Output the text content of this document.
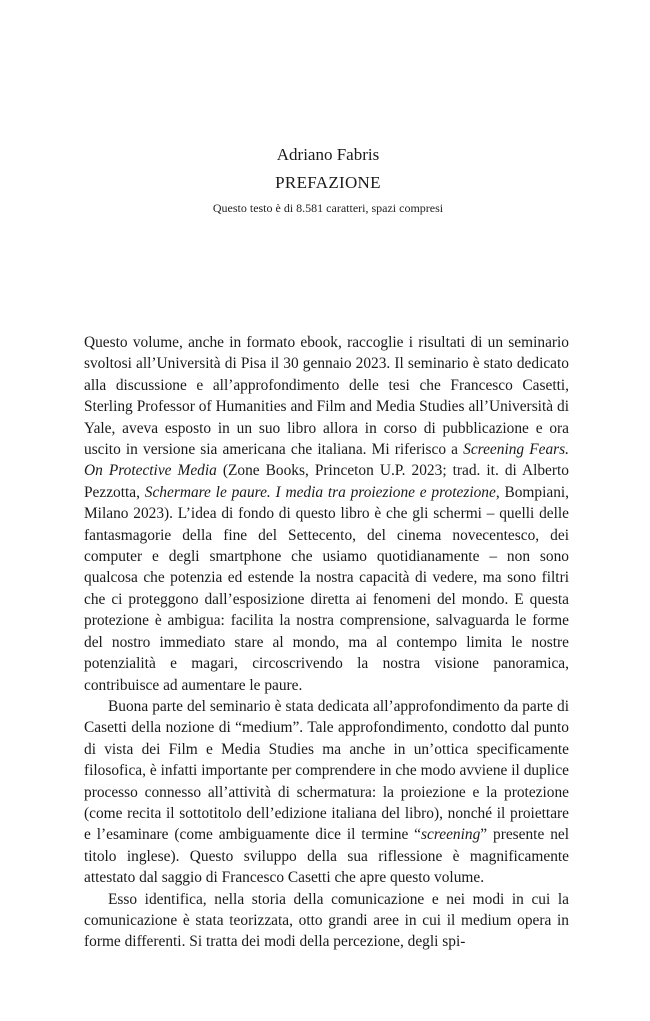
Adriano Fabris
PREFAZIONE
Questo testo è di 8.581 caratteri, spazi compresi

Questo volume, anche in formato ebook, raccoglie i risultati di un seminario svoltosi all’Università di Pisa il 30 gennaio 2023. Il seminario è stato dedicato alla discussione e all’approfondimento delle tesi che Francesco Casetti, Sterling Professor of Humanities and Film and Media Studies all’Università di Yale, aveva esposto in un suo libro allora in corso di pubblicazione e ora uscito in versione sia americana che italiana. Mi riferisco a Screening Fears. On Protective Media (Zone Books, Princeton U.P. 2023; trad. it. di Alberto Pezzotta, Schermare le paure. I media tra proiezione e protezione, Bompiani, Milano 2023). L’idea di fondo di questo libro è che gli schermi – quelli delle fantasmagorie della fine del Settecento, del cinema novecentesco, dei computer e degli smartphone che usiamo quotidianamente – non sono qualcosa che potenzia ed estende la nostra capacità di vedere, ma sono filtri che ci proteggono dall’esposizione diretta ai fenomeni del mondo. E questa protezione è ambigua: facilita la nostra comprensione, salvaguarda le forme del nostro immediato stare al mondo, ma al contempo limita le nostre potenzialità e magari, circoscrivendo la nostra visione panoramica, contribuisce ad aumentare le paure.

Buona parte del seminario è stata dedicata all’approfondimento da parte di Casetti della nozione di “medium”. Tale approfondimento, condotto dal punto di vista dei Film e Media Studies ma anche in un’ottica specificamente filosofica, è infatti importante per comprendere in che modo avviene il duplice processo connesso all’attività di schermatura: la proiezione e la protezione (come recita il sottotitolo dell’edizione italiana del libro), nonché il proiettare e l’esaminare (come ambiguamente dice il termine “screening” presente nel titolo inglese). Questo sviluppo della sua riflessione è magnificamente attestato dal saggio di Francesco Casetti che apre questo volume.

Esso identifica, nella storia della comunicazione e nei modi in cui la comunicazione è stata teorizzata, otto grandi aree in cui il medium opera in forme differenti. Si tratta dei modi della percezione, degli spi-
